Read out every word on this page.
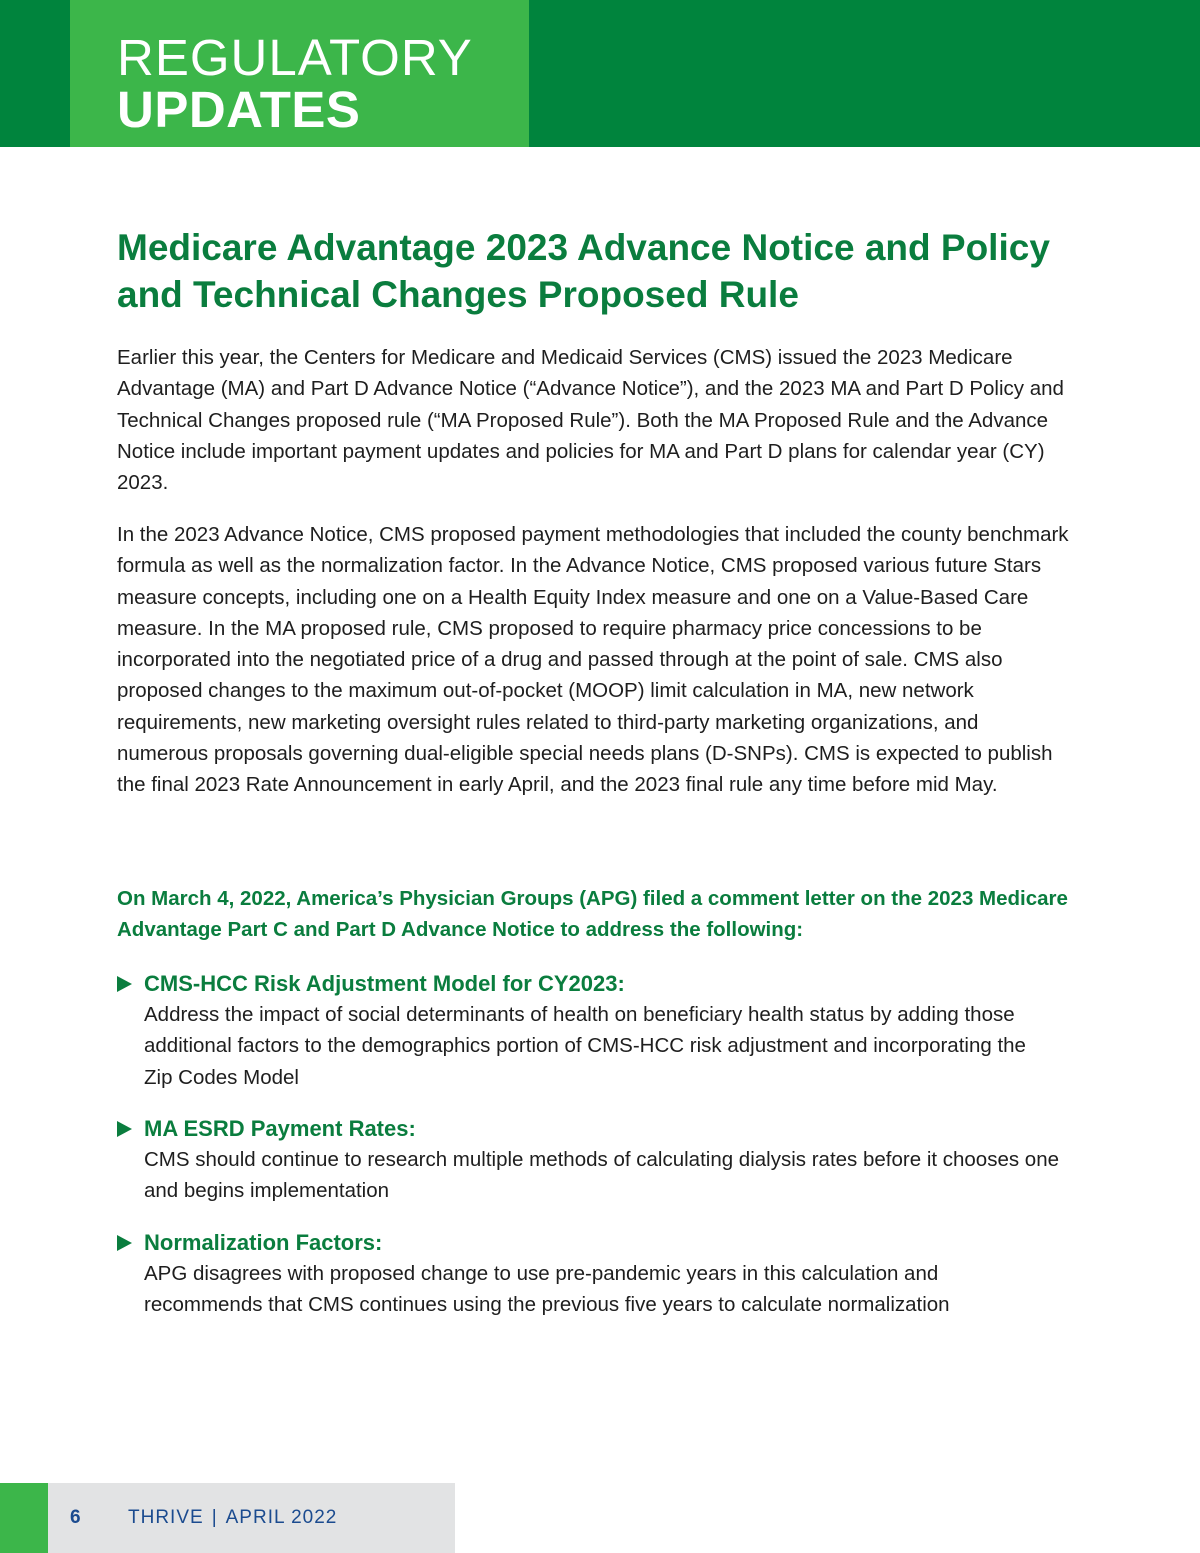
REGULATORY
UPDATES
Medicare Advantage 2023 Advance Notice and Policy and Technical Changes Proposed Rule

Earlier this year, the Centers for Medicare and Medicaid Services (CMS) issued the 2023 Medicare Advantage (MA) and Part D Advance Notice (“Advance Notice”), and the 2023 MA and Part D Policy and Technical Changes proposed rule (“MA Proposed Rule”). Both the MA Proposed Rule and the Advance Notice include important payment updates and policies for MA and Part D plans for calendar year (CY) 2023.

In the 2023 Advance Notice, CMS proposed payment methodologies that included the county benchmark formula as well as the normalization factor. In the Advance Notice, CMS proposed various future Stars measure concepts, including one on a Health Equity Index measure and one on a Value-Based Care measure. In the MA proposed rule, CMS proposed to require pharmacy price concessions to be incorporated into the negotiated price of a drug and passed through at the point of sale. CMS also proposed changes to the maximum out-of-pocket (MOOP) limit calculation in MA, new network requirements, new marketing oversight rules related to third-party marketing organizations, and numerous proposals governing dual-eligible special needs plans (D-SNPs). CMS is expected to publish the final 2023 Rate Announcement in early April, and the 2023 final rule any time before mid May.

On March 4, 2022, America’s Physician Groups (APG) filed a comment letter on the 2023 Medicare Advantage Part C and Part D Advance Notice to address the following:

CMS-HCC Risk Adjustment Model for CY2023:

Address the impact of social determinants of health on beneficiary health status by adding those additional factors to the demographics portion of CMS-HCC risk adjustment and incorporating the Zip Codes Model

MA ESRD Payment Rates:

CMS should continue to research multiple methods of calculating dialysis rates before it chooses one and begins implementation

Normalization Factors:

APG disagrees with proposed change to use pre-pandemic years in this calculation and recommends that CMS continues using the previous five years to calculate normalization

6 THRIVE | APRIL 2022
